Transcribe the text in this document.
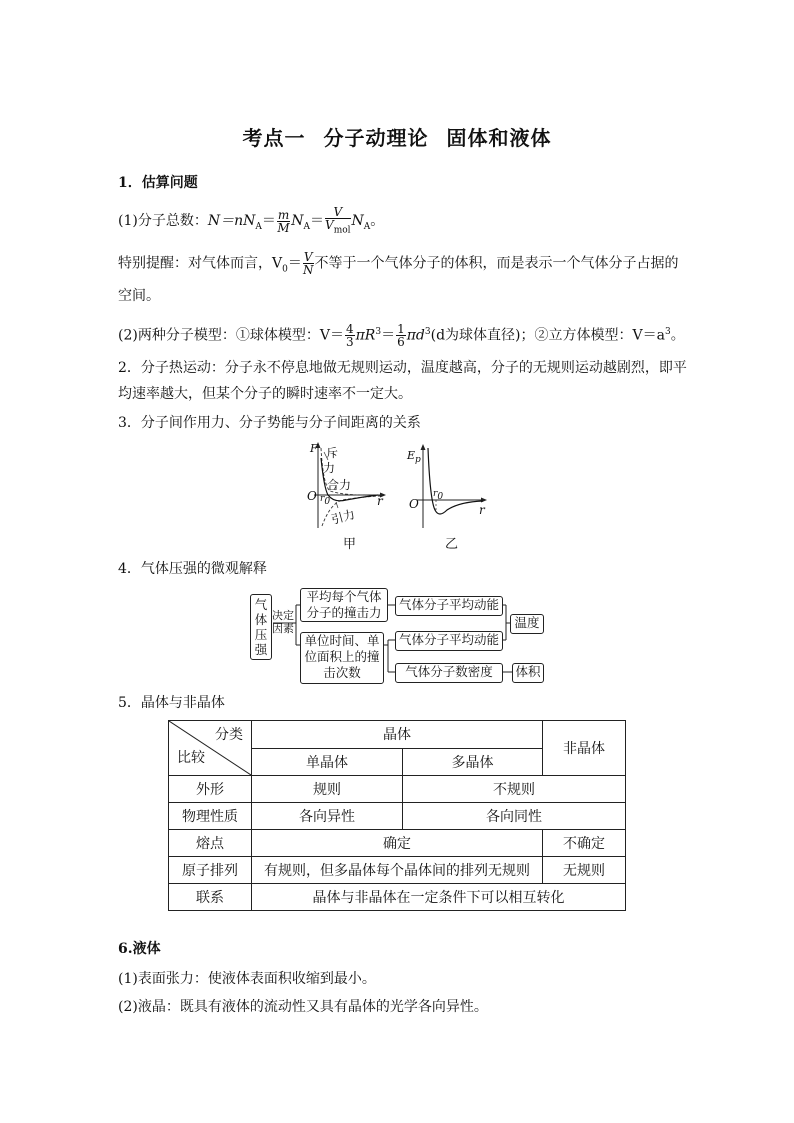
考点一 分子动理论 固体和液体
1．估算问题
(1)分子总数：$N=nN_A= \frac{m}{M} N_A= \frac{V}{V_{mol}} N_A$。
特别提醒：对气体而言，$V_0= \frac{V}{N}$ 不等于一个气体分子的体积，而是表示一个气体分子占据的
空间。
(2)两种分子模型：①球体模型：$V= \frac{4}{3} \pi R^3= \frac{1}{6} \pi d^3(d$为球体直径)；②立方体模型：$V=a^3$。
2．分子热运动：分子永不停息地做无规则运动，温度越高，分子的无规则运动越剧烈，即平
均速率越大，但某个分子的瞬时速率不一定大。
3．分子间作用力、分子势能与分子间距离的关系
F 斥
力
合力
O $r_0$	r
引力
甲
$E_p$
O
$r_0$
r
乙
4．气体压强的微观解释
气
体
压
强
决定
因素
平均每个气体
分子的撞击力
气体分子平均动能
单位时间、单
位面积上的撞
击次数
气体分子平均动能
气体分子数密度
温度
体积
5．晶体与非晶体
分类
比较	晶体		非晶体
	单晶体	多晶体	
外形	规则	不规则	
物理性质	各向异性	各向同性	
熔点	确定		不确定
原子排列	有规则，但多晶体每个晶体间的排列无规则		无规则
联系	晶体与非晶体在一定条件下可以相互转化		
6.液体
(1)表面张力：使液体表面积收缩到最小。
(2)液晶：既具有液体的流动性又具有晶体的光学各向异性。
